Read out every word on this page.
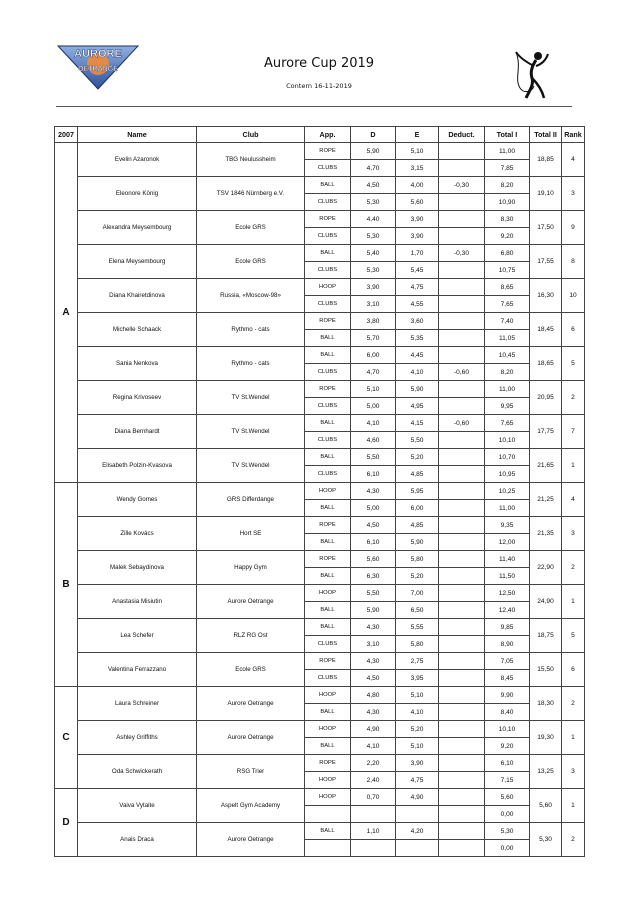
AURORE
OETRANGE	Aurore Cup 2019
Contern 16-11-2019
2007	Name	Club	App.	D	E	Deduct.	Total I	Total II	Rank
A	Evelin Azaronok	TBG Neulussheim	ROPE	5,90	5,10		11,00	18,85	4
			CLUBS	4,70	3,15		7,85		
	Eleonore König	TSV 1846 Nürnberg e.V.	BALL	4,50	4,00	-0,30	8,20	19,10	3
			CLUBS	5,30	5,60		10,90		
	Alexandra Meysembourg	Ecole GRS	ROPE	4,40	3,90		8,30	17,50	9
			CLUBS	5,30	3,90		9,20		
	Elena Meysembourg	Ecole GRS	BALL	5,40	1,70	-0,30	6,80	17,55	8
			CLUBS	5,30	5,45		10,75		
	Diana Khairetdinova	Russia, «Moscow-98»	HOOP	3,90	4,75		8,65	16,30	10
			CLUBS	3,10	4,55		7,65		
	Michelle Schaack	Rythmo - cats	ROPE	3,80	3,60		7,40	18,45	6
			BALL	5,70	5,35		11,05		
	Sania Nenkova	Rythmo - cats	BALL	6,00	4,45		10,45	18,65	5
			CLUBS	4,70	4,10	-0,60	8,20		
	Regina Krivoseev	TV St.Wendel	ROPE	5,10	5,90		11,00	20,95	2
			CLUBS	5,00	4,95		9,95		
	Diana Bernhardt	TV St.Wendel	BALL	4,10	4,15	-0,60	7,65	17,75	7
			CLUBS	4,60	5,50		10,10		
	Elisabeth Polzin-Kvasova	TV St.Wendel	BALL	5,50	5,20		10,70	21,65	1
			CLUBS	6,10	4,85		10,95		
B	Wendy Gomes	GRS Differdange	HOOP	4,30	5,95		10,25	21,25	4
			BALL	5,00	6,00		11,00		
	Zille Kovács	Hort SE	ROPE	4,50	4,85		9,35	21,35	3
			BALL	6,10	5,90		12,00		
	Malek Sebaydinova	Happy Gym	ROPE	5,60	5,80		11,40	22,90	2
			BALL	6,30	5,20		11,50		
	Anastasia Misiutin	Aurore Oetrange	HOOP	5,50	7,00		12,50	24,90	1
			BALL	5,90	6,50		12,40		
	Lea Schefer	RLZ RG Ost	BALL	4,30	5,55		9,85	18,75	5
			CLUBS	3,10	5,80		8,90		
	Valentina Ferrazzano	Ecole GRS	ROPE	4,30	2,75		7,05	15,50	6
			CLUBS	4,50	3,95		8,45		
C	Laura Schreiner	Aurore Oetrange	HOOP	4,80	5,10		9,90	18,30	2
			BALL	4,30	4,10		8,40		
	Ashley Griffiths	Aurore Oetrange	HOOP	4,90	5,20		10,10	19,30	1
			BALL	4,10	5,10		9,20		
	Oda Schwickerath	RSG Trier	ROPE	2,20	3,90		6,10	13,25	3
			HOOP	2,40	4,75		7,15		
D	Vaiva Vytaite	Aspelt Gym Academy	HOOP	0,70	4,90		5,60	5,60	1
							0,00		
	Anais Draca	Aurore Oetrange	BALL	1,10	4,20		5,30	5,30	2
							0,00		
